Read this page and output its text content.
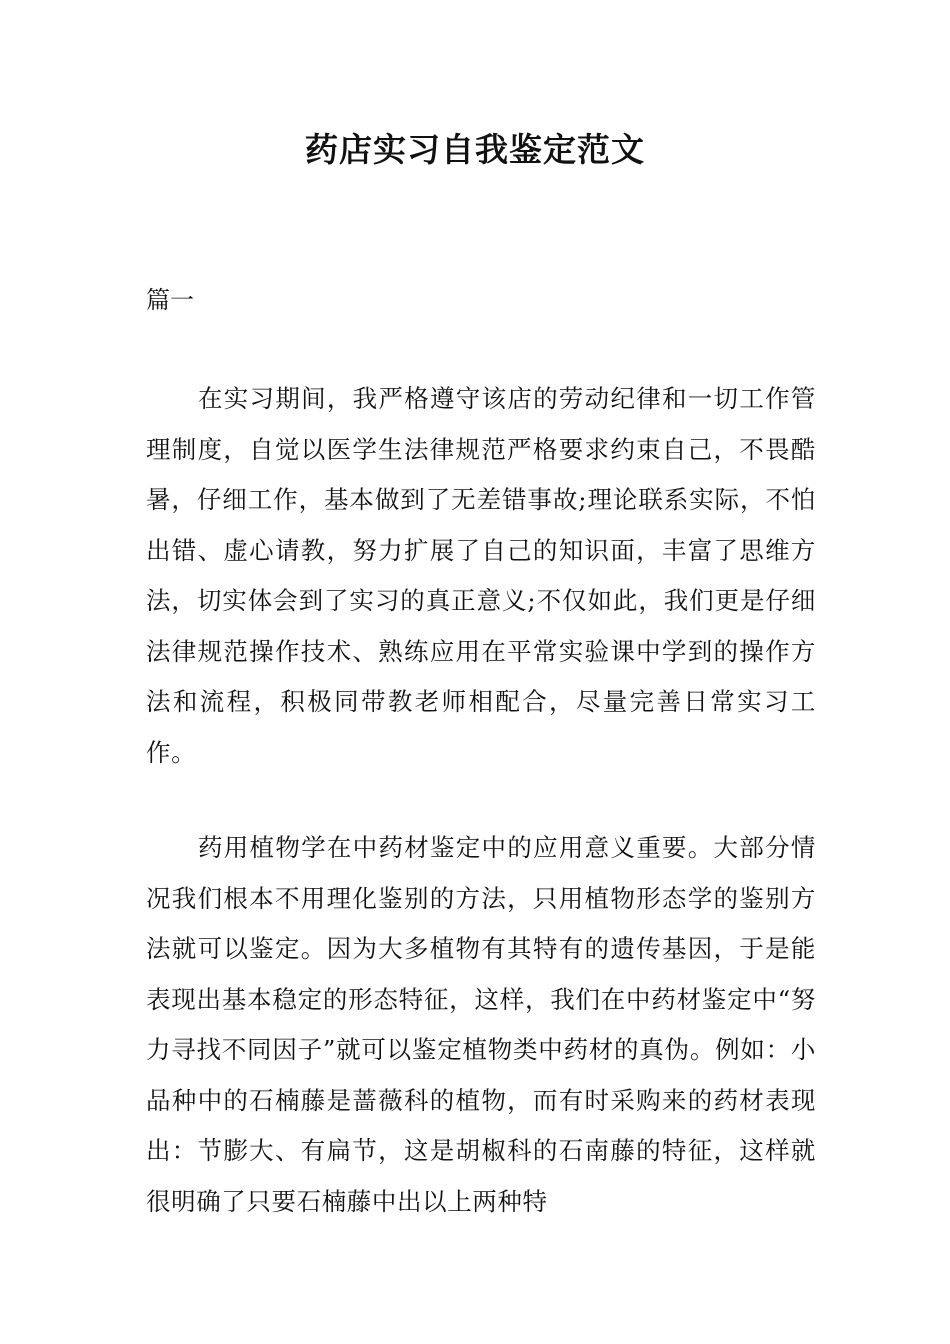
药店实习自我鉴定范文
篇一

在实习期间，我严格遵守该店的劳动纪律和一切工作管理制度，自觉以医学生法律规范严格要求约束自己，不畏酷暑，仔细工作，基本做到了无差错事故;理论联系实际，不怕出错、虚心请教，努力扩展了自己的知识面，丰富了思维方法，切实体会到了实习的真正意义;不仅如此，我们更是仔细法律规范操作技术、熟练应用在平常实验课中学到的操作方法和流程，积极同带教老师相配合，尽量完善日常实习工作。

药用植物学在中药材鉴定中的应用意义重要。大部分情况我们根本不用理化鉴别的方法，只用植物形态学的鉴别方法就可以鉴定。因为大多植物有其特有的遗传基因，于是能表现出基本稳定的形态特征，这样，我们在中药材鉴定中“努力寻找不同因子”就可以鉴定植物类中药材的真伪。例如：小品种中的石楠藤是蔷薇科的植物，而有时采购来的药材表现出：节膨大、有扁节，这是胡椒科的石南藤的特征，这样就很明确了只要石楠藤中出以上两种特
